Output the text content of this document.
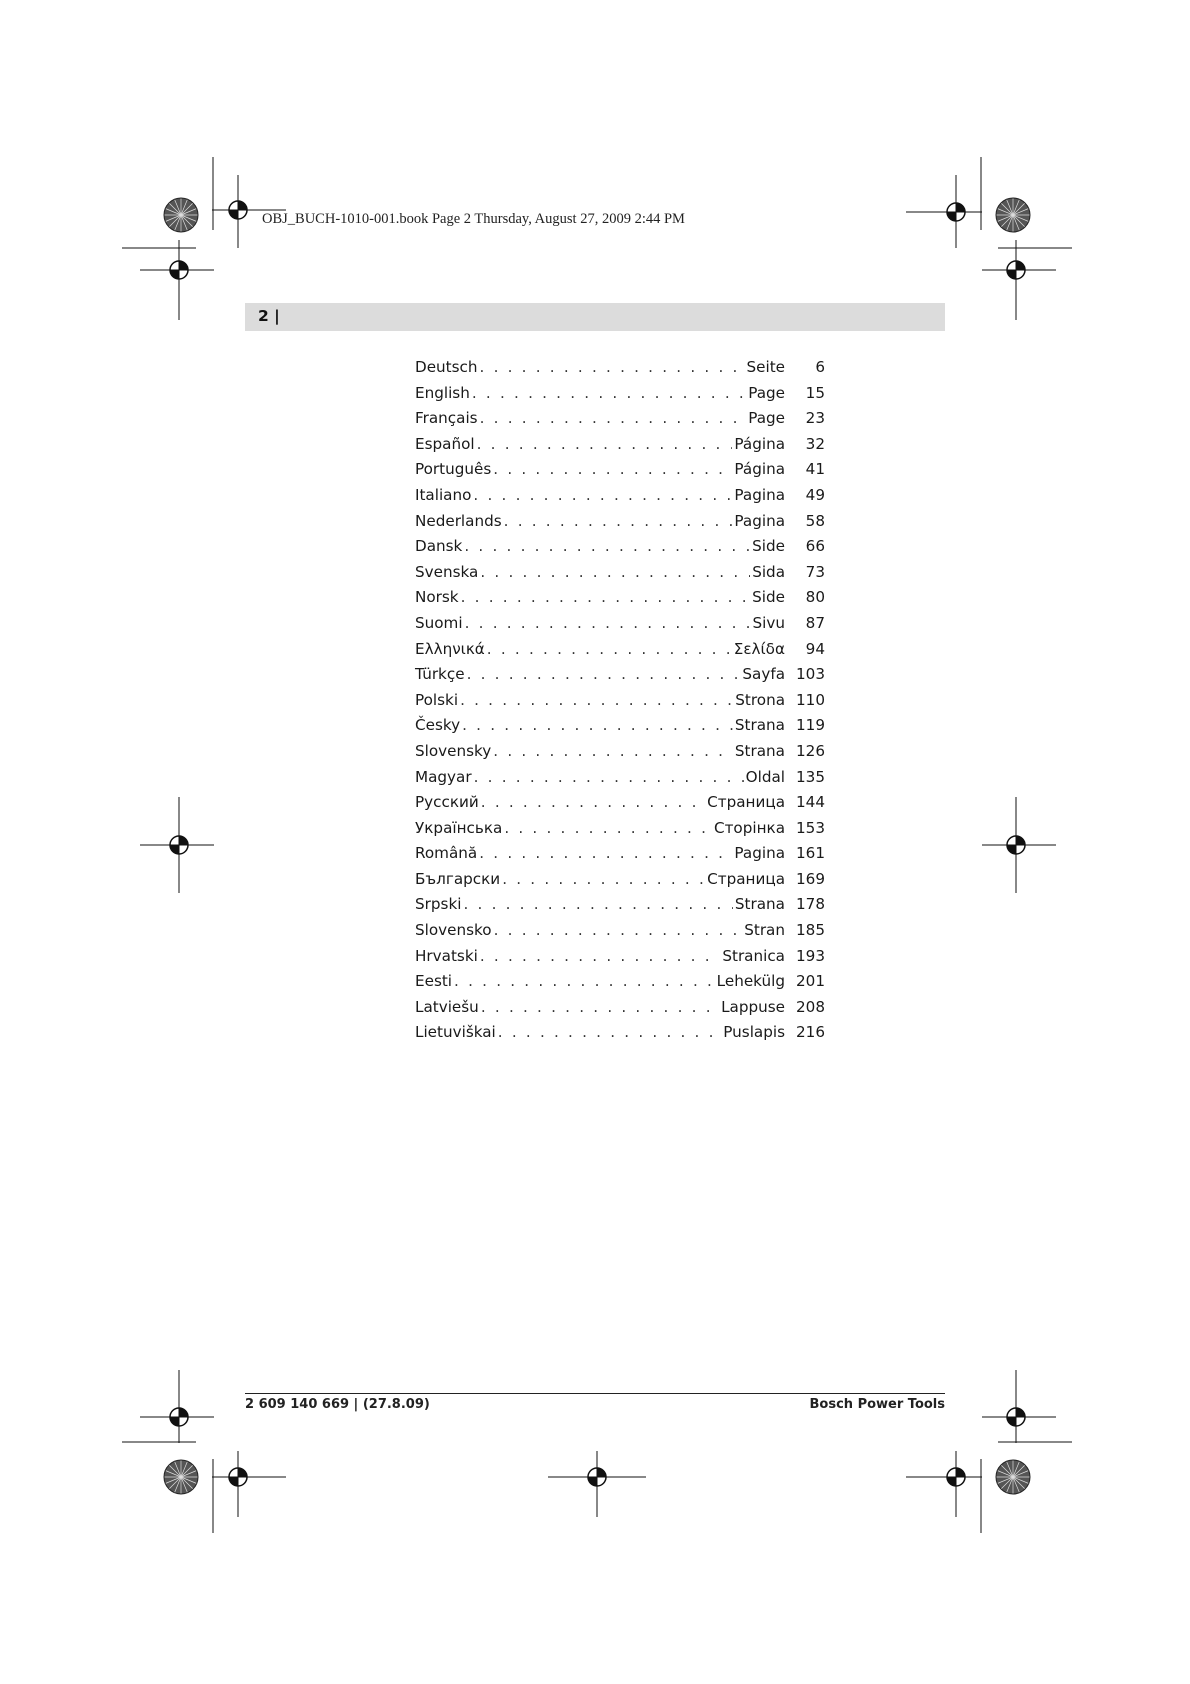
OBJ_BUCH-1010-001.book Page 2 Thursday, August 27, 2009 2:44 PM
2 |
Deutsch . . .	Seite	6
English . . .	Page	15
Français . . .	Page	23
Español . . .	Página	32
Português . . .	Página	41
Italiano . . .	Pagina	49
Nederlands . . .	Pagina	58
Dansk . . .	Side	66
Svenska . . .	Sida	73
Norsk . . .	Side	80
Suomi . . .	Sivu	87
Ελληνικά . . .	Σελίδα	94
Türkçe . . .	Sayfa 103
Polski . . .	Strona 110
Česky . . .	Strana 119
Slovensky . . .	Strana 126
Magyar . . .	Oldal 135
Русский . . .	Страница 144
Українська . . .	Сторінка 153
Română . . .	Pagina 161
Български . . .	Страница 169
Srpski . . .	Strana 178
Slovensko . . .	Stran 185
Hrvatski . . .	Stranica 193
Eesti . . .	Lehekülg 201
Latviešu . . .	Lappuse 208
Lietuviškai . . .	Puslapis 216
2 609 140 669 | (27.8.09)	Bosch Power Tools
